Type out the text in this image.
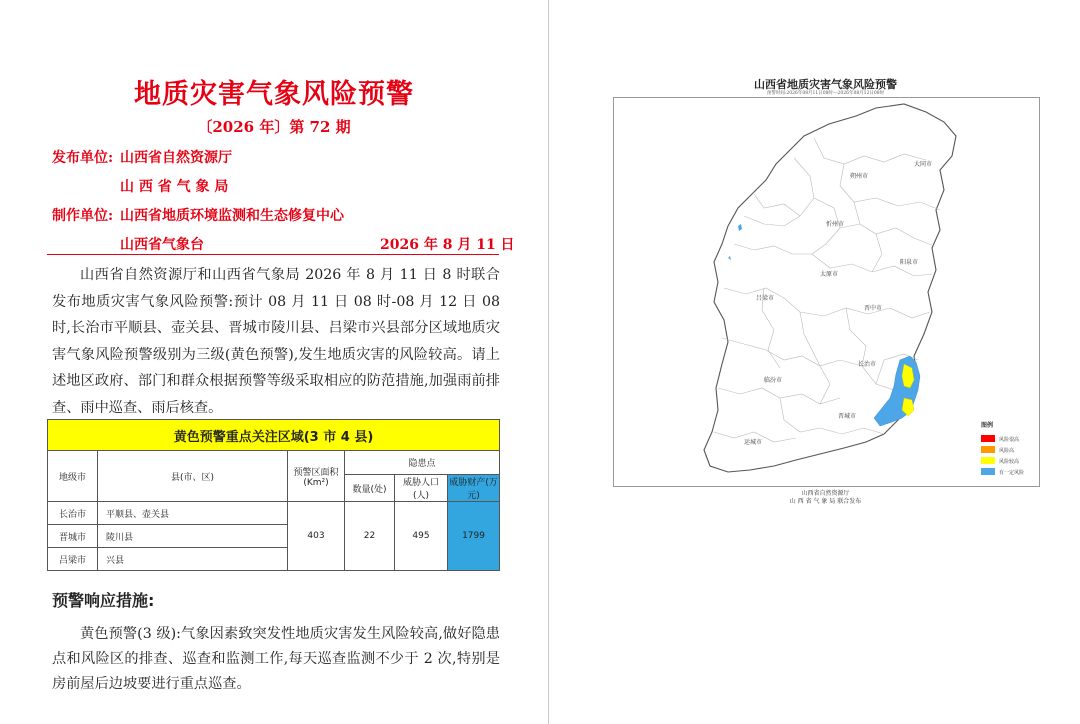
地质灾害气象风险预警
〔2026 年〕第 72 期
发布单位: 山西省自然资源厅
山 西 省 气 象 局
制作单位: 山西省地质环境监测和生态修复中心
山西省气象台	2026 年 8 月 11 日
山西省自然资源厅和山西省气象局 2026 年 8 月 11 日 8 时联合发布地质灾害气象风险预警:预计 08 月 11 日 08 时-08 月 12 日 08 时,长治市平顺县、壶关县、晋城市陵川县、吕梁市兴县部分区域地质灾害气象风险预警级别为三级(黄色预警),发生地质灾害的风险较高。请上述地区政府、部门和群众根据预警等级采取相应的防范措施,加强雨前排查、雨中巡查、雨后核查。
黄色预警重点关注区域(3 市 4 县)					
地级市	县(市、区)	预警区面积(Km²)	隐患点		
			数量(处)	威胁人口(人)	威胁财产(万元)
长治市	平顺县、壶关县	403	22	495	1799
晋城市	陵川县				
吕梁市	兴县				
预警响应措施:
黄色预警(3 级):气象因素致突发性地质灾害发生风险较高,做好隐患点和风险区的排查、巡查和监测工作,每天巡查监测不少于 2 次,特别是房前屋后边坡要进行重点巡查。
山西省地质灾害气象风险预警
预警时间:2026年08月11日08时—2026年08月12日08时
大同市
朔州市
忻州市
阳泉市
太原市
吕梁市
晋中市
长治市
临汾市
晋城市
运城市
图例
风险很高
风险高
风险较高
有一定风险
山西省自然资源厅
山 西 省 气 象 局 联合发布
